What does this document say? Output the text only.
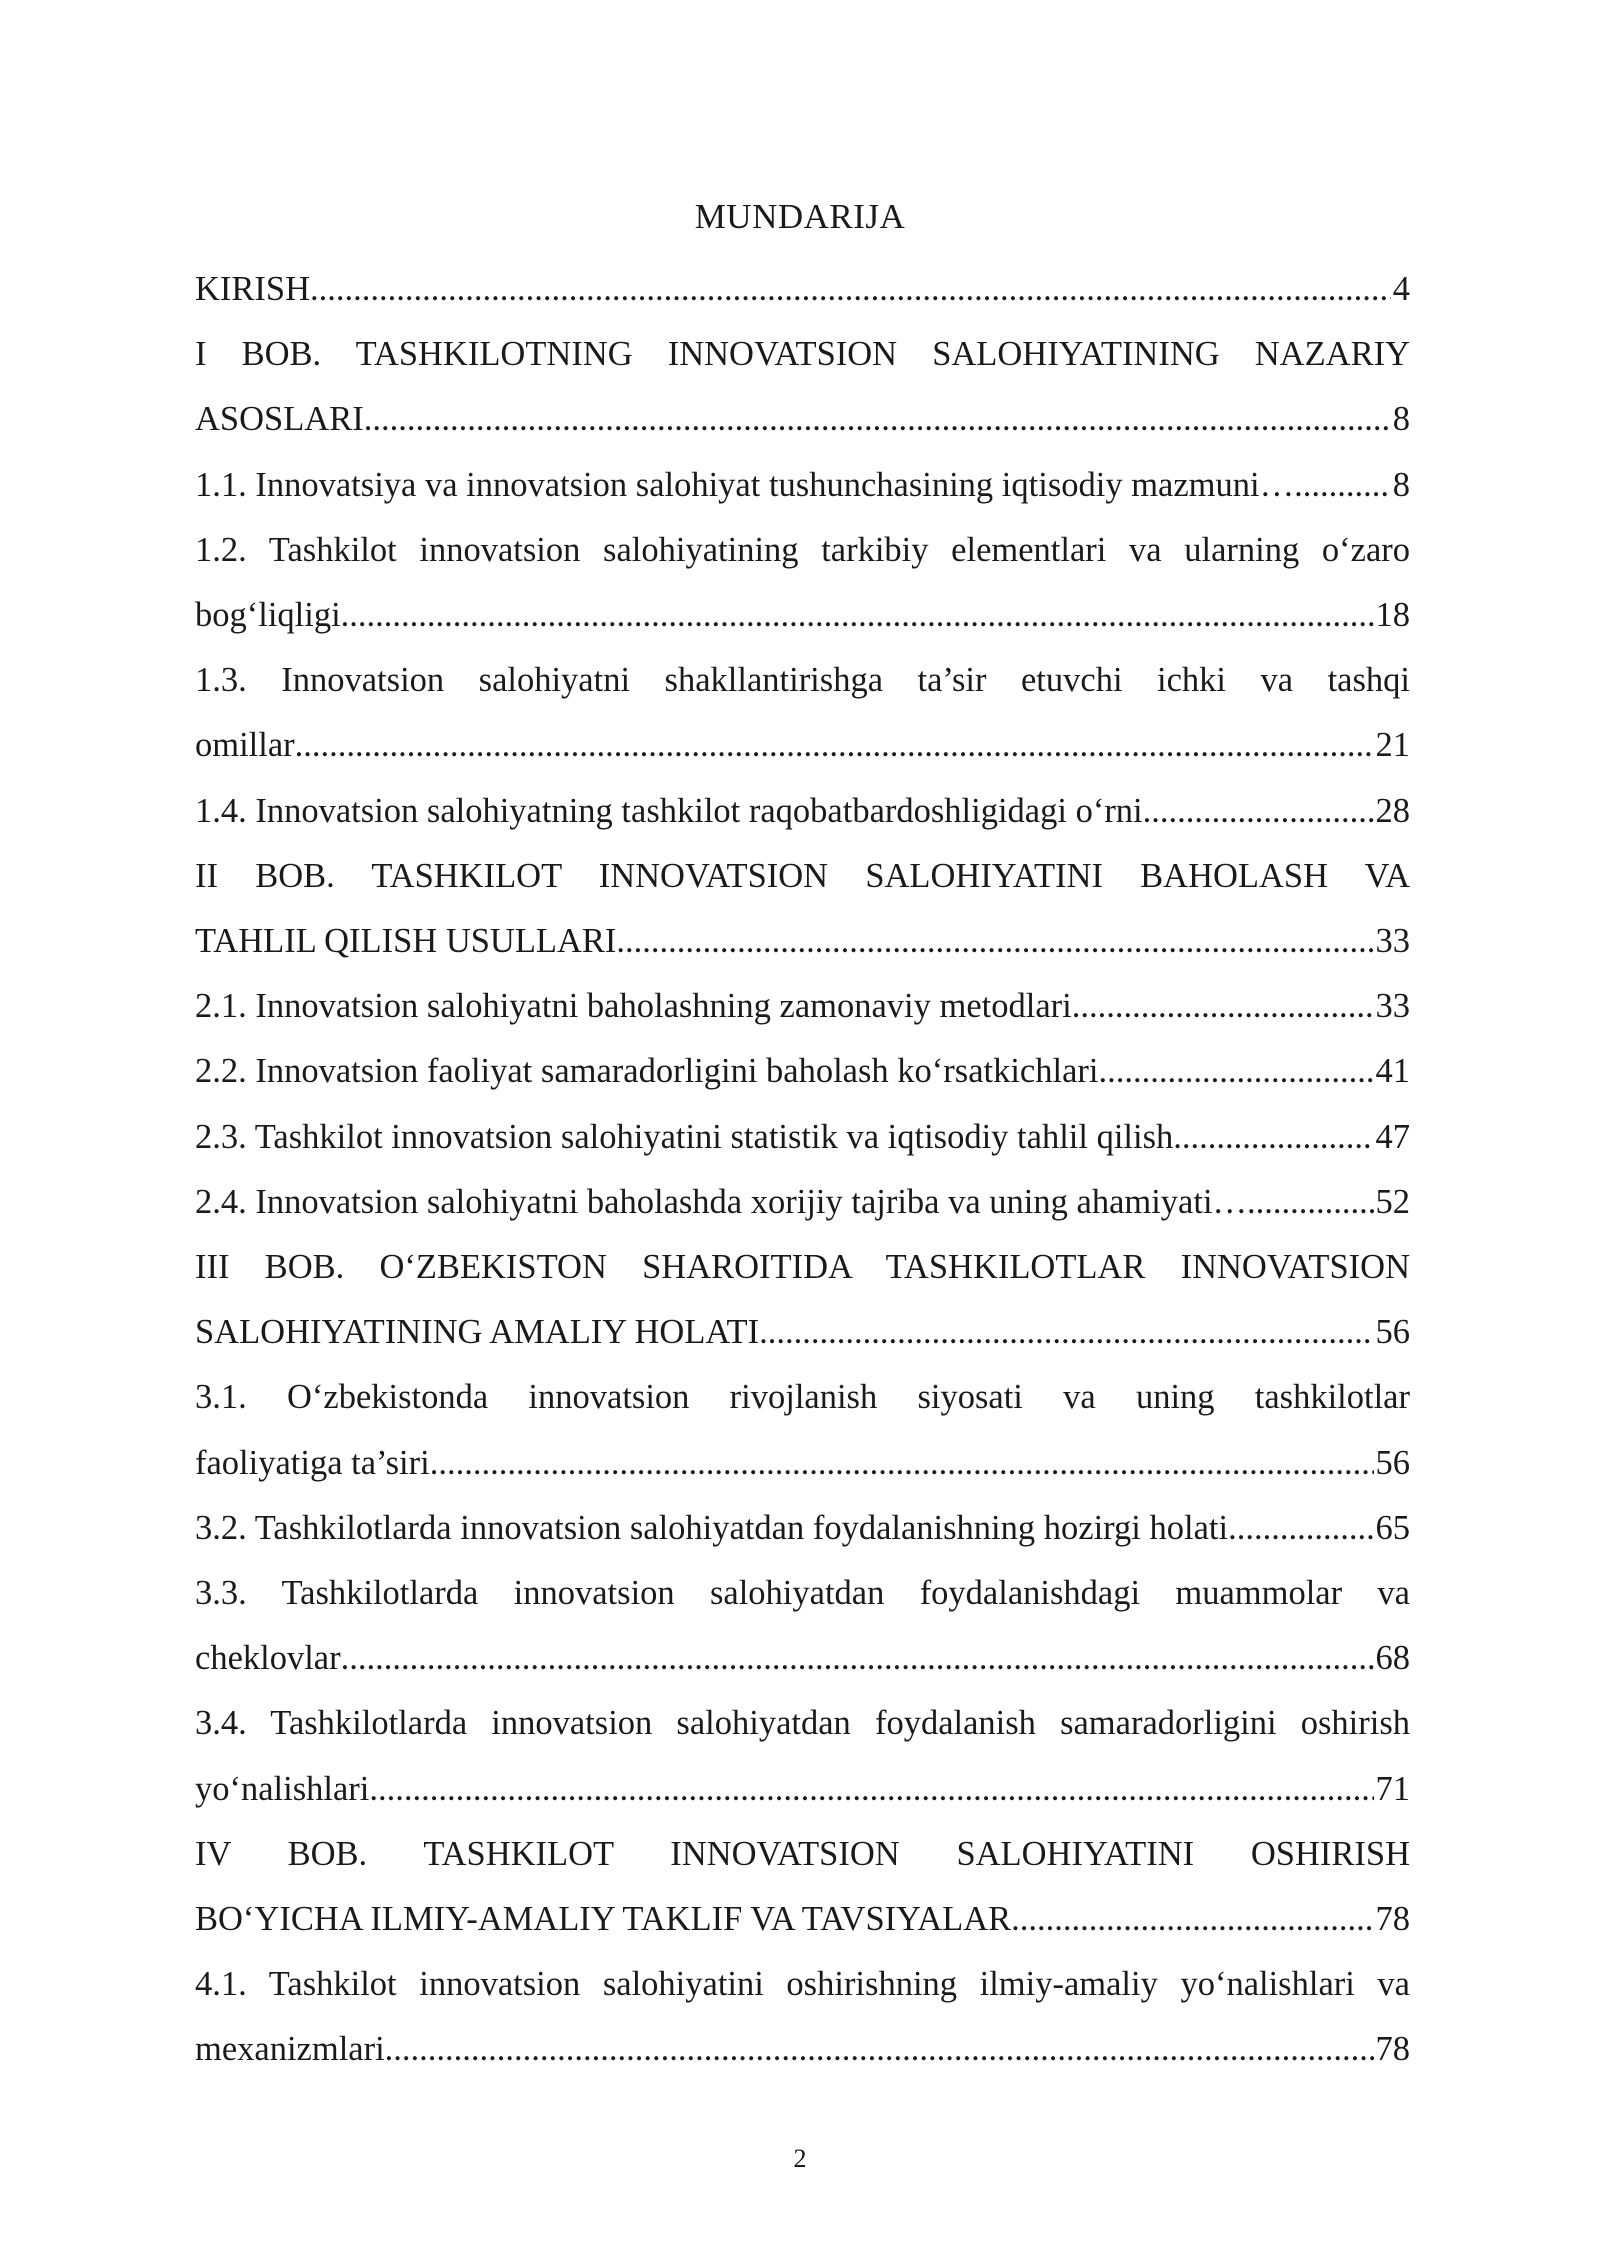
MUNDARIJA
KIRISH .....	4
I BOB. TASHKILOTNING INNOVATSION SALOHIYATINING NAZARIY
ASOSLARI .....	8
1.1. Innovatsiya va innovatsion salohiyat tushunchasining iqtisodiy mazmuni… .....	8
1.2. Tashkilot innovatsion salohiyatining tarkibiy elementlari va ularning o‘zaro
bog‘liqligi .....	18
1.3. Innovatsion salohiyatni shakllantirishga ta’sir etuvchi ichki va tashqi
omillar .....	21
1.4. Innovatsion salohiyatning tashkilot raqobatbardoshligidagi o‘rni .....	28
II BOB. TASHKILOT INNOVATSION SALOHIYATINI BAHOLASH VA
TAHLIL QILISH USULLARI .....	33
2.1. Innovatsion salohiyatni baholashning zamonaviy metodlari .....	33
2.2. Innovatsion faoliyat samaradorligini baholash ko‘rsatkichlari .....	41
2.3. Tashkilot innovatsion salohiyatini statistik va iqtisodiy tahlil qilish .....	47
2.4. Innovatsion salohiyatni baholashda xorijiy tajriba va uning ahamiyati… .....	52
III BOB. O‘ZBEKISTON SHAROITIDA TASHKILOTLAR INNOVATSION
SALOHIYATINING AMALIY HOLATI .....	56
3.1. O‘zbekistonda innovatsion rivojlanish siyosati va uning tashkilotlar
faoliyatiga ta’siri .....	56
3.2. Tashkilotlarda innovatsion salohiyatdan foydalanishning hozirgi holati .....	65
3.3. Tashkilotlarda innovatsion salohiyatdan foydalanishdagi muammolar va
cheklovlar .....	68
3.4. Tashkilotlarda innovatsion salohiyatdan foydalanish samaradorligini oshirish
yo‘nalishlari .....	71
IV BOB. TASHKILOT INNOVATSION SALOHIYATINI OSHIRISH
BO‘YICHA ILMIY-AMALIY TAKLIF VA TAVSIYALAR .....	78
4.1. Tashkilot innovatsion salohiyatini oshirishning ilmiy-amaliy yo‘nalishlari va
mexanizmlari .....	78
2
